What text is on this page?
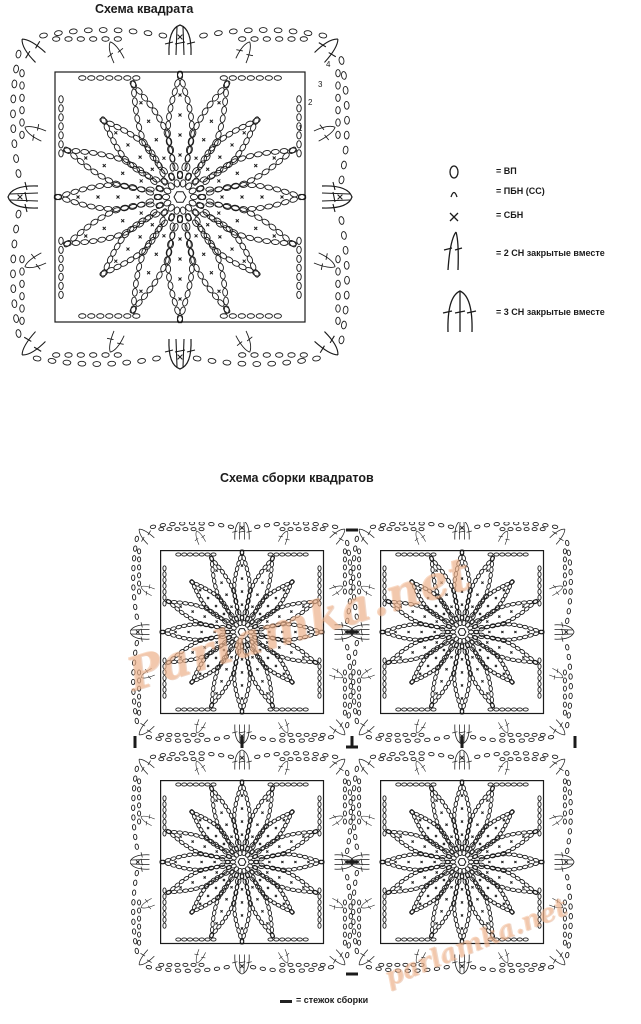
Схема квадрата
Схема сборки квадратов
1
2
3
4
= ВП
= ПБН (СС)
= СБН
= 2 СН закрытые вместе
= 3 СН закрытые вместе
= стежок сборки
Parlamka.net
parlamka.net
